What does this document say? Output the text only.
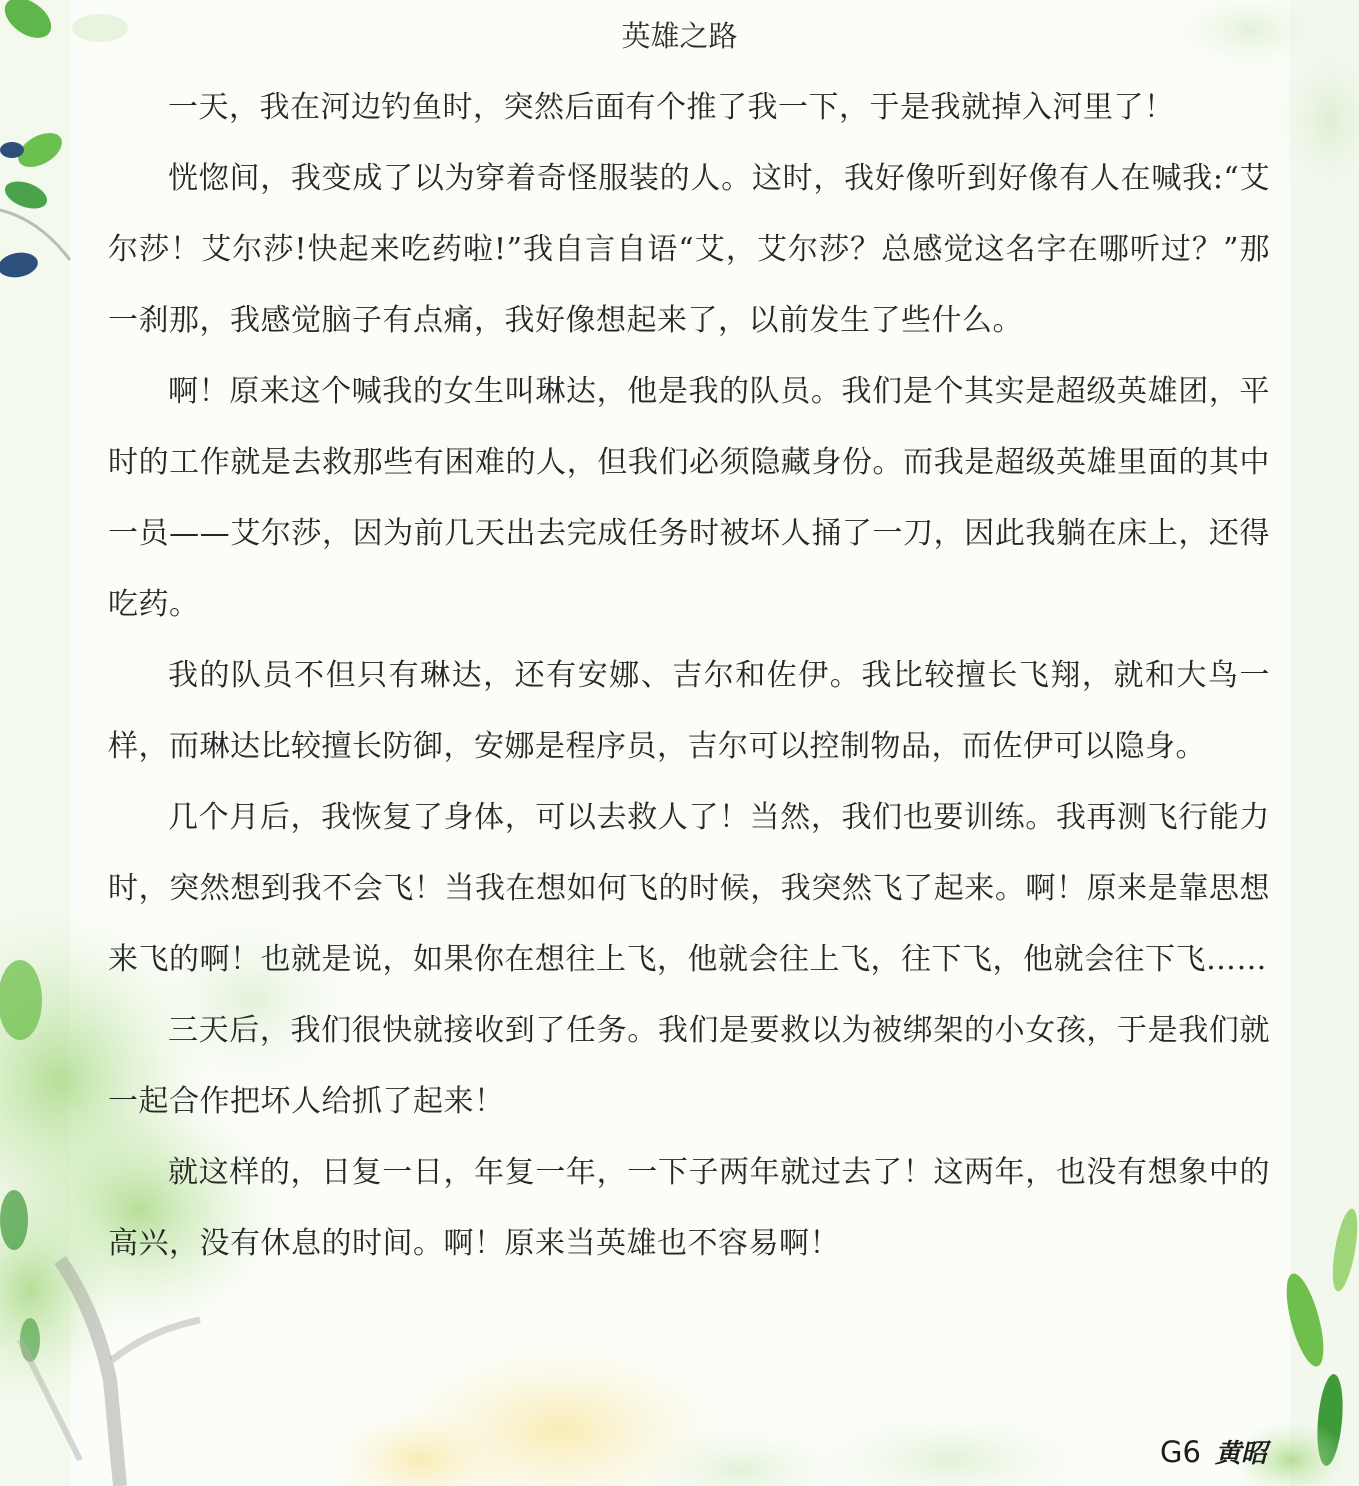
英雄之路

一天，我在河边钓鱼时，突然后面有个推了我一下，于是我就掉入河里了！

恍惚间，我变成了以为穿着奇怪服装的人。这时，我好像听到好像有人在喊我:“艾尔莎！艾尔莎!快起来吃药啦!”我自言自语“艾，艾尔莎？总感觉这名字在哪听过？”那一刹那，我感觉脑子有点痛，我好像想起来了，以前发生了些什么。

啊！原来这个喊我的女生叫琳达，他是我的队员。我们是个其实是超级英雄团，平时的工作就是去救那些有困难的人，但我们必须隐藏身份。而我是超级英雄里面的其中一员——艾尔莎，因为前几天出去完成任务时被坏人捅了一刀，因此我躺在床上，还得吃药。

我的队员不但只有琳达，还有安娜、吉尔和佐伊。我比较擅长飞翔，就和大鸟一样，而琳达比较擅长防御，安娜是程序员，吉尔可以控制物品，而佐伊可以隐身。

几个月后，我恢复了身体，可以去救人了！当然，我们也要训练。我再测飞行能力时，突然想到我不会飞！当我在想如何飞的时候，我突然飞了起来。啊！原来是靠思想来飞的啊！也就是说，如果你在想往上飞，他就会往上飞，往下飞，他就会往下飞……

三天后，我们很快就接收到了任务。我们是要救以为被绑架的小女孩，于是我们就一起合作把坏人给抓了起来！

就这样的，日复一日，年复一年，一下子两年就过去了！这两年，也没有想象中的高兴，没有休息的时间。啊！原来当英雄也不容易啊！

G6 黄昭
